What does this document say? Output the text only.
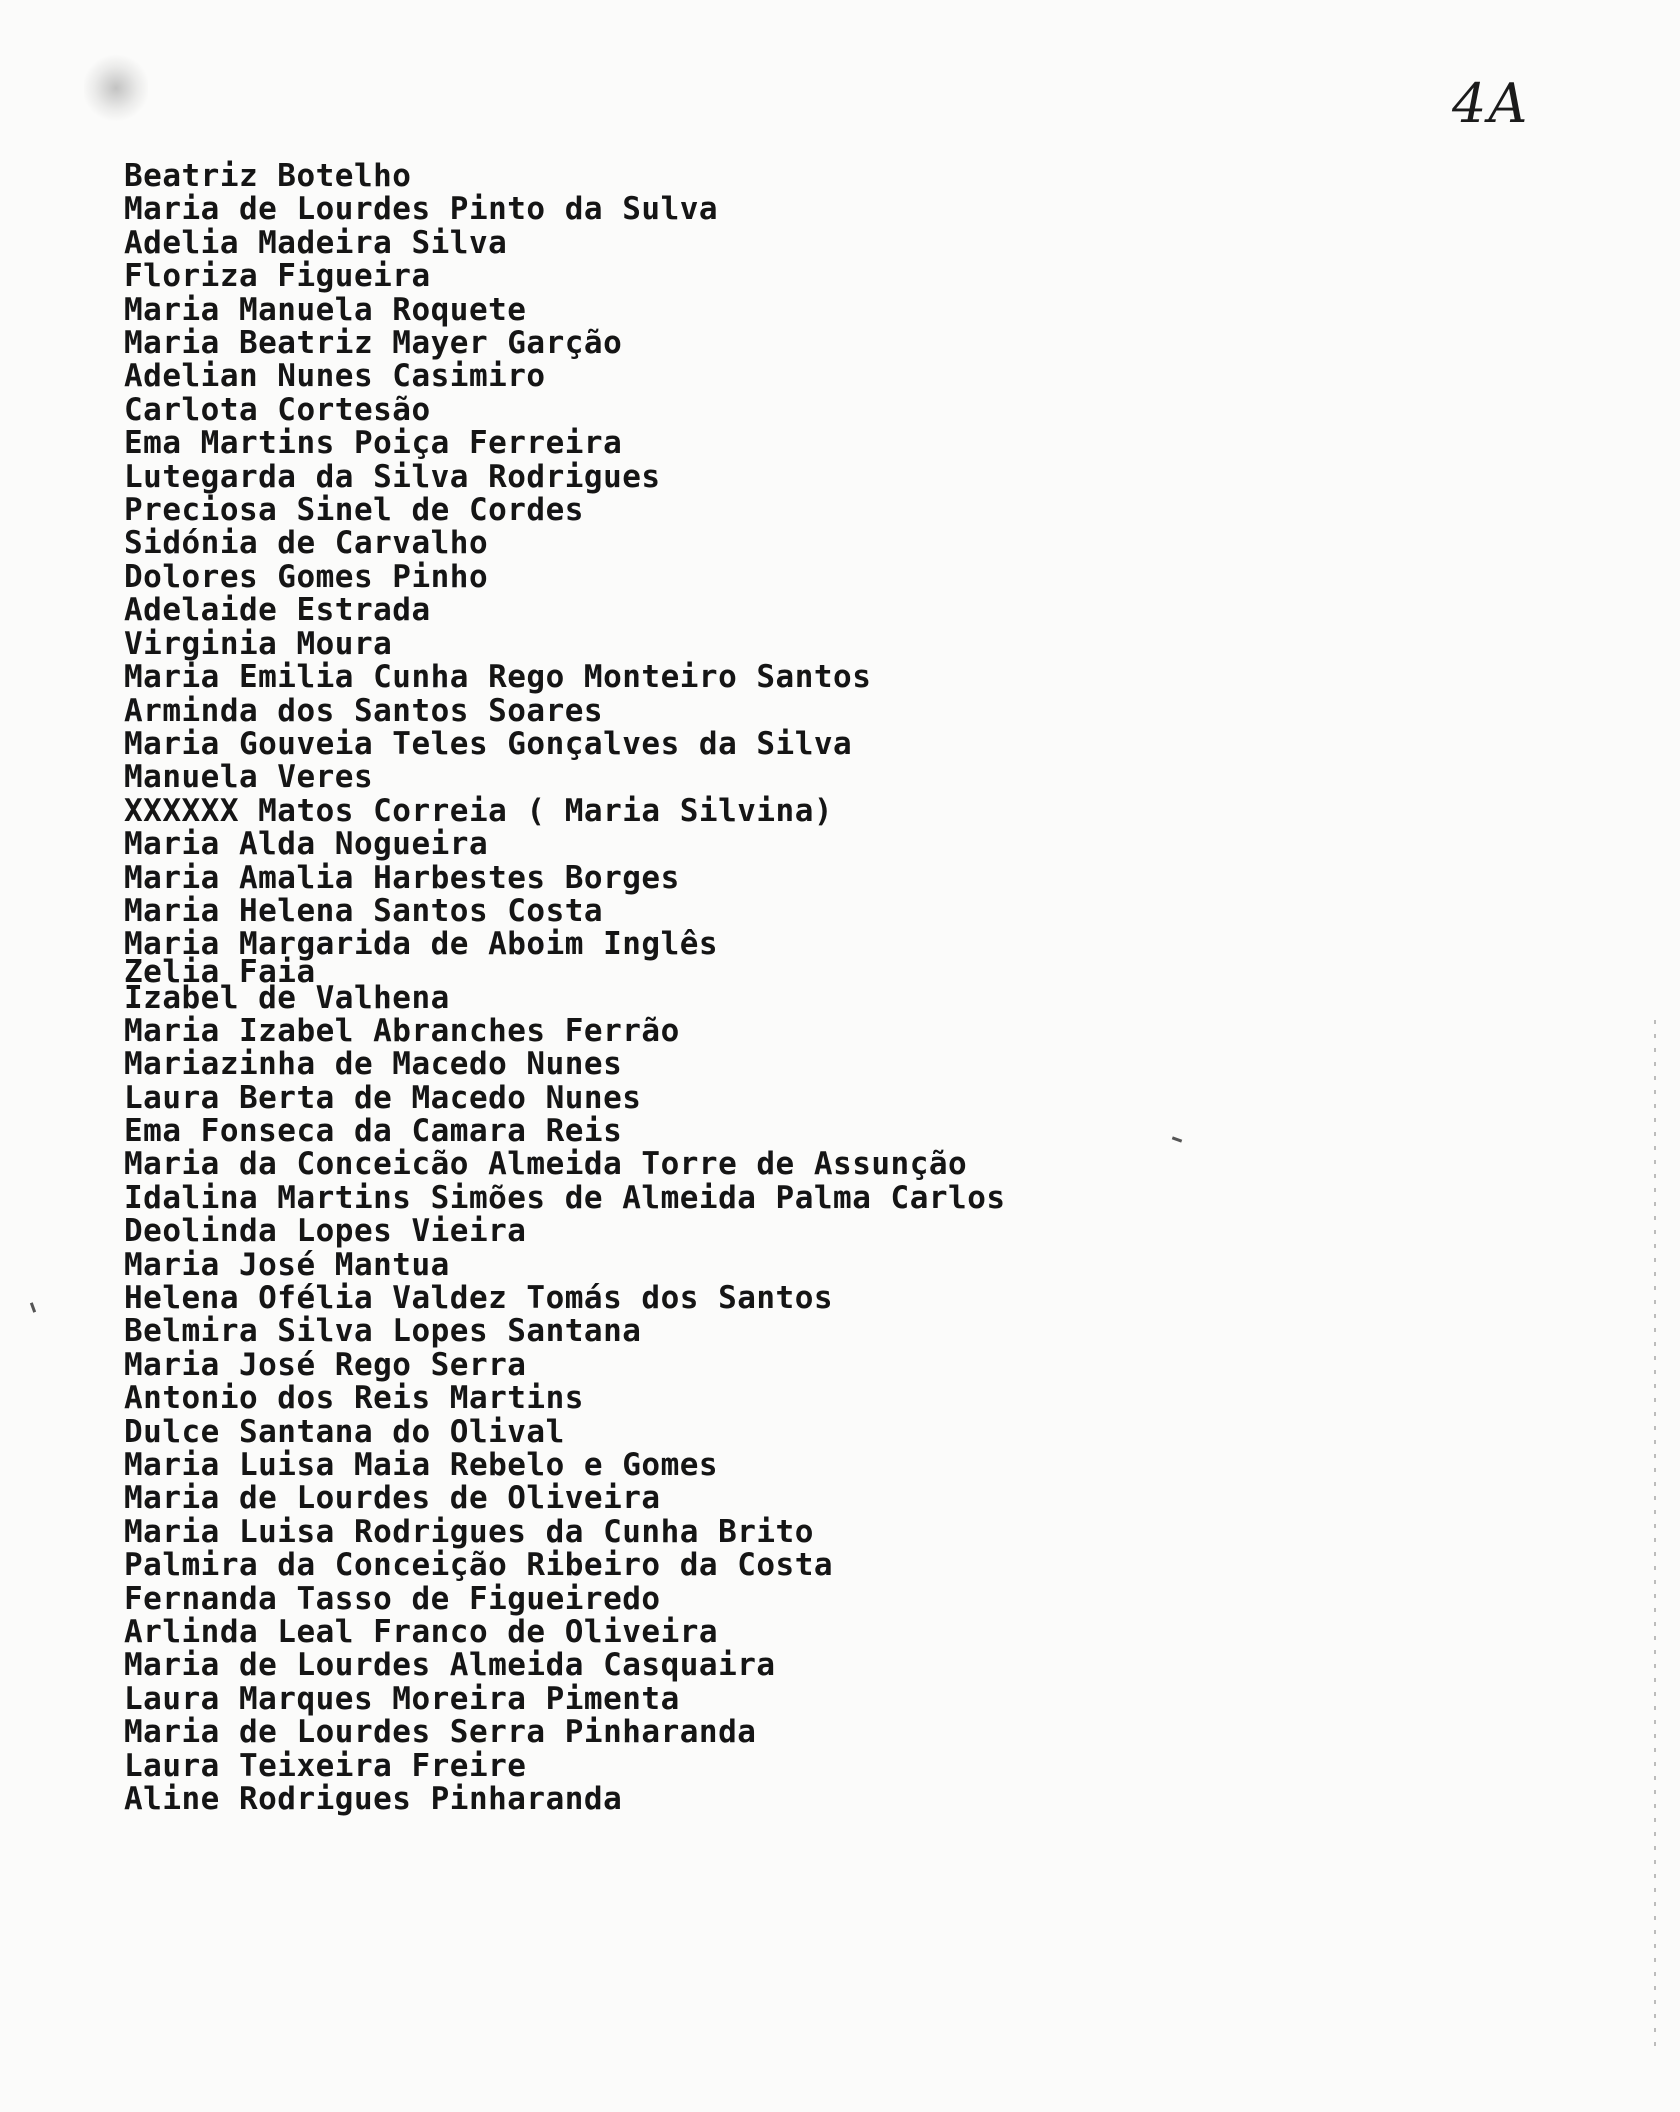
4A
Beatriz Botelho
Maria de Lourdes Pinto da Sulva
Adelia Madeira Silva
Floriza Figueira
Maria Manuela Roquete
Maria Beatriz Mayer Garção
Adelian Nunes Casimiro
Carlota Cortesão
Ema Martins Poiça Ferreira
Lutegarda da Silva Rodrigues
Preciosa Sinel de Cordes
Sidónia de Carvalho
Dolores Gomes Pinho
Adelaide Estrada
Virginia Moura
Maria Emilia Cunha Rego Monteiro Santos
Arminda dos Santos Soares
Maria Gouveia Teles Gonçalves da Silva
Manuela Veres
XXXXXX Matos Correia ( Maria Silvina)
Maria Alda Nogueira
Maria Amalia Harbestes Borges
Maria Helena Santos Costa
Maria Margarida de Aboim Inglês
Zelia Faia
Izabel de Valhena
Maria Izabel Abranches Ferrão
Mariazinha de Macedo Nunes
Laura Berta de Macedo Nunes
Ema Fonseca da Camara Reis
Maria da Conceicão Almeida Torre de Assunção
Idalina Martins Simões de Almeida Palma Carlos
Deolinda Lopes Vieira
Maria José Mantua
Helena Ofélia Valdez Tomás dos Santos
Belmira Silva Lopes Santana
Maria José Rego Serra
Antonio dos Reis Martins
Dulce Santana do Olival
Maria Luisa Maia Rebelo e Gomes
Maria de Lourdes de Oliveira
Maria Luisa Rodrigues da Cunha Brito
Palmira da Conceição Ribeiro da Costa
Fernanda Tasso de Figueiredo
Arlinda Leal Franco de Oliveira
Maria de Lourdes Almeida Casquaira
Laura Marques Moreira Pimenta
Maria de Lourdes Serra Pinharanda
Laura Teixeira Freire
Aline Rodrigues Pinharanda
